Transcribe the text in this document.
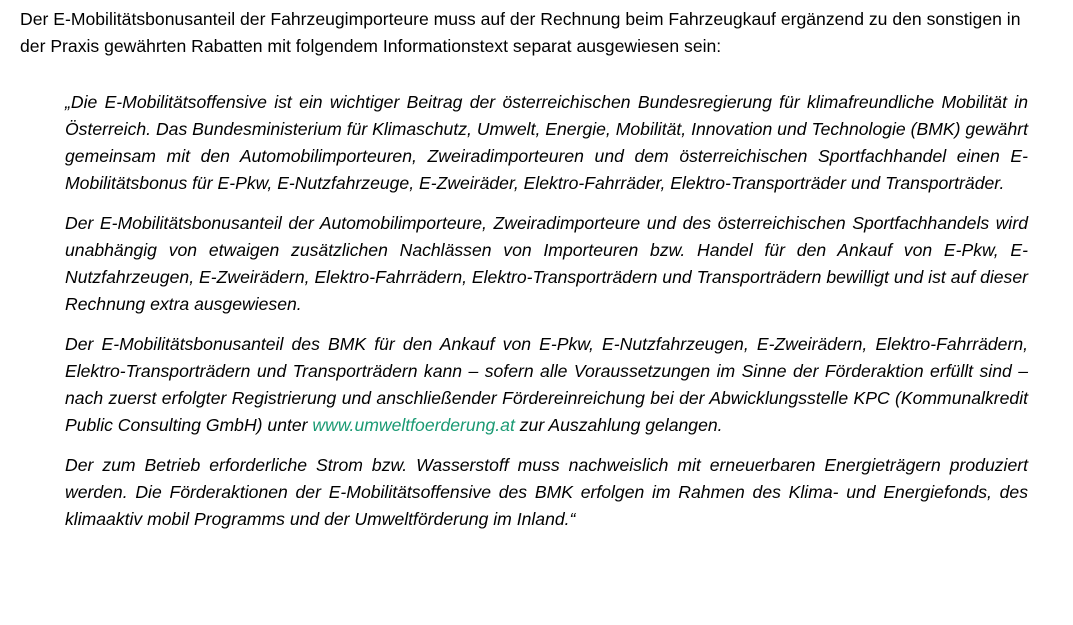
Der E-Mobilitätsbonusanteil der Fahrzeugimporteure muss auf der Rechnung beim Fahrzeugkauf ergänzend zu den sonstigen in der Praxis gewährten Rabatten mit folgendem Informationstext separat ausgewiesen sein:

„Die E-Mobilitätsoffensive ist ein wichtiger Beitrag der österreichischen Bundesregierung für klimafreundliche Mobilität in Österreich. Das Bundesministerium für Klimaschutz, Umwelt, Energie, Mobilität, Innovation und Technologie (BMK) gewährt gemeinsam mit den Automobilimporteuren, Zweiradimporteuren und dem österreichischen Sportfachhandel einen E-Mobilitätsbonus für E-Pkw, E-Nutzfahrzeuge, E-Zweiräder, Elektro-Fahrräder, Elektro-Transporträder und Transporträder.

Der E-Mobilitätsbonusanteil der Automobilimporteure, Zweiradimporteure und des österreichischen Sportfachhandels wird unabhängig von etwaigen zusätzlichen Nachlässen von Importeuren bzw. Handel für den Ankauf von E-Pkw, E-Nutzfahrzeugen, E-Zweirädern, Elektro-Fahrrädern, Elektro-Transporträdern und Transporträdern bewilligt und ist auf dieser Rechnung extra ausgewiesen.

Der E-Mobilitätsbonusanteil des BMK für den Ankauf von E-Pkw, E-Nutzfahrzeugen, E-Zweirädern, Elektro-Fahrrädern, Elektro-Transporträdern und Transporträdern kann – sofern alle Voraussetzungen im Sinne der Förderaktion erfüllt sind – nach zuerst erfolgter Registrierung und anschließender Fördereinreichung bei der Abwicklungsstelle KPC (Kommunalkredit Public Consulting GmbH) unter www.umweltfoerderung.at zur Auszahlung gelangen.

Der zum Betrieb erforderliche Strom bzw. Wasserstoff muss nachweislich mit erneuerbaren Energieträgern produziert werden. Die Förderaktionen der E-Mobilitätsoffensive des BMK erfolgen im Rahmen des Klima- und Energiefonds, des klimaaktiv mobil Programms und der Umweltförderung im Inland.“
